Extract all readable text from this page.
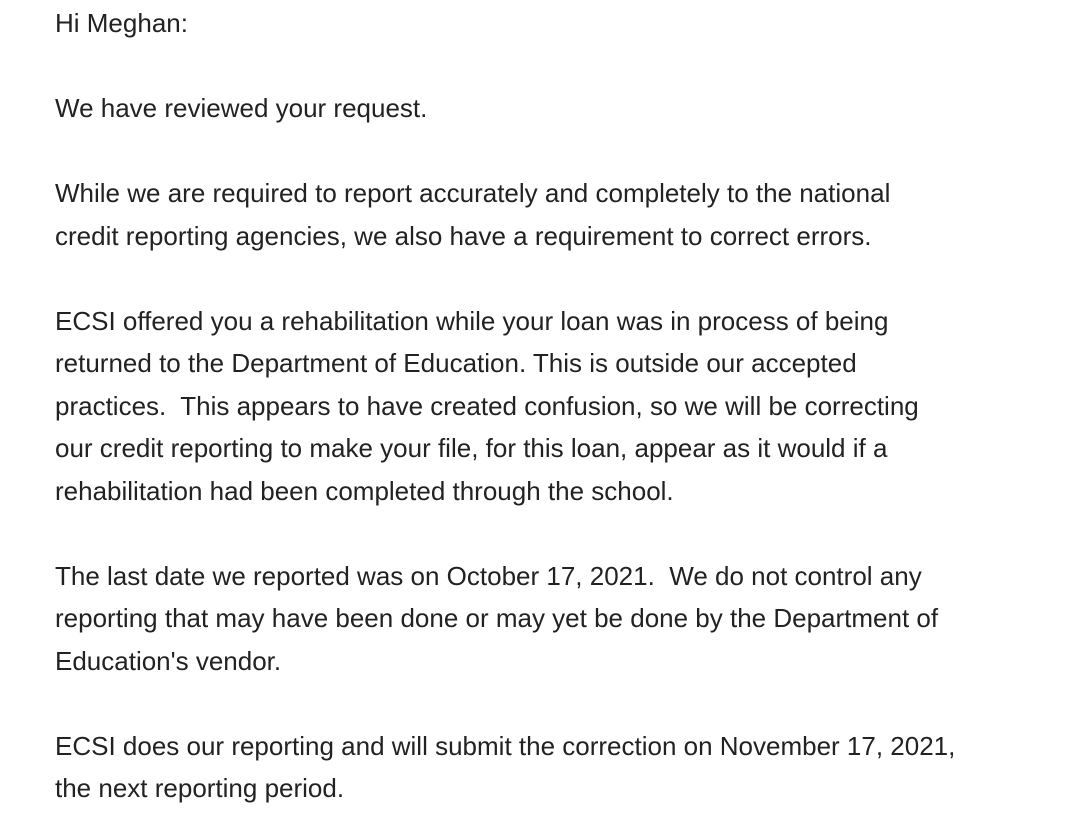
Hi Meghan:

We have reviewed your request.

While we are required to report accurately and completely to the national
credit reporting agencies, we also have a requirement to correct errors.

ECSI offered you a rehabilitation while your loan was in process of being
returned to the Department of Education. This is outside our accepted
practices.  This appears to have created confusion, so we will be correcting
our credit reporting to make your file, for this loan, appear as it would if a
rehabilitation had been completed through the school.

The last date we reported was on October 17, 2021.  We do not control any
reporting that may have been done or may yet be done by the Department of
Education's vendor.

ECSI does our reporting and will submit the correction on November 17, 2021,
the next reporting period.
